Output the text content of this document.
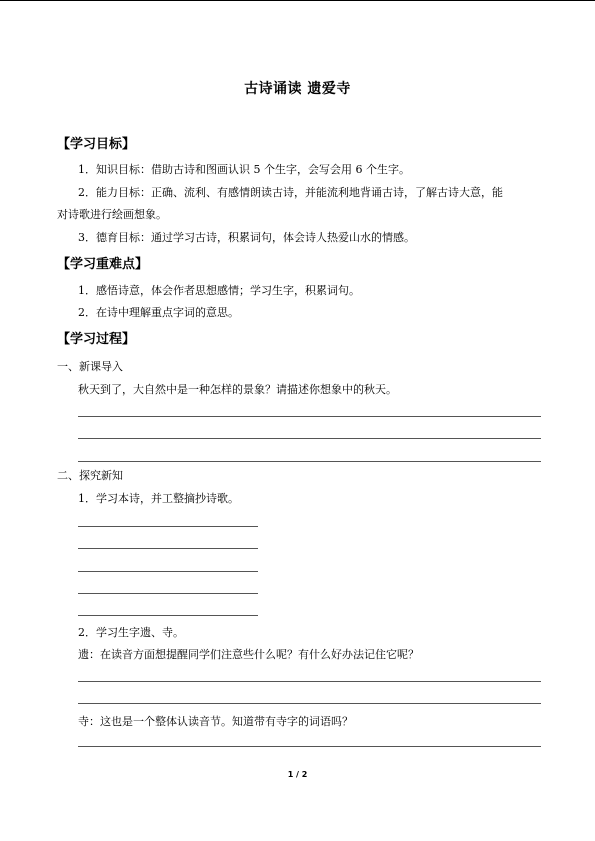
古诗诵读 遗爱寺
【学习目标】
1．知识目标：借助古诗和图画认识 5 个生字，会写会用 6 个生字。
2．能力目标：正确、流利、有感情朗读古诗，并能流利地背诵古诗，了解古诗大意，能
对诗歌进行绘画想象。
3．德育目标：通过学习古诗，积累词句，体会诗人热爱山水的情感。
【学习重难点】
1．感悟诗意，体会作者思想感情；学习生字，积累词句。
2．在诗中理解重点字词的意思。
【学习过程】
一、新课导入
秋天到了，大自然中是一种怎样的景象？请描述你想象中的秋天。
二、探究新知
1．学习本诗，并工整摘抄诗歌。
2．学习生字遗、寺。
遗：在读音方面想提醒同学们注意些什么呢？有什么好办法记住它呢？
寺：这也是一个整体认读音节。知道带有寺字的词语吗？
1 / 2
